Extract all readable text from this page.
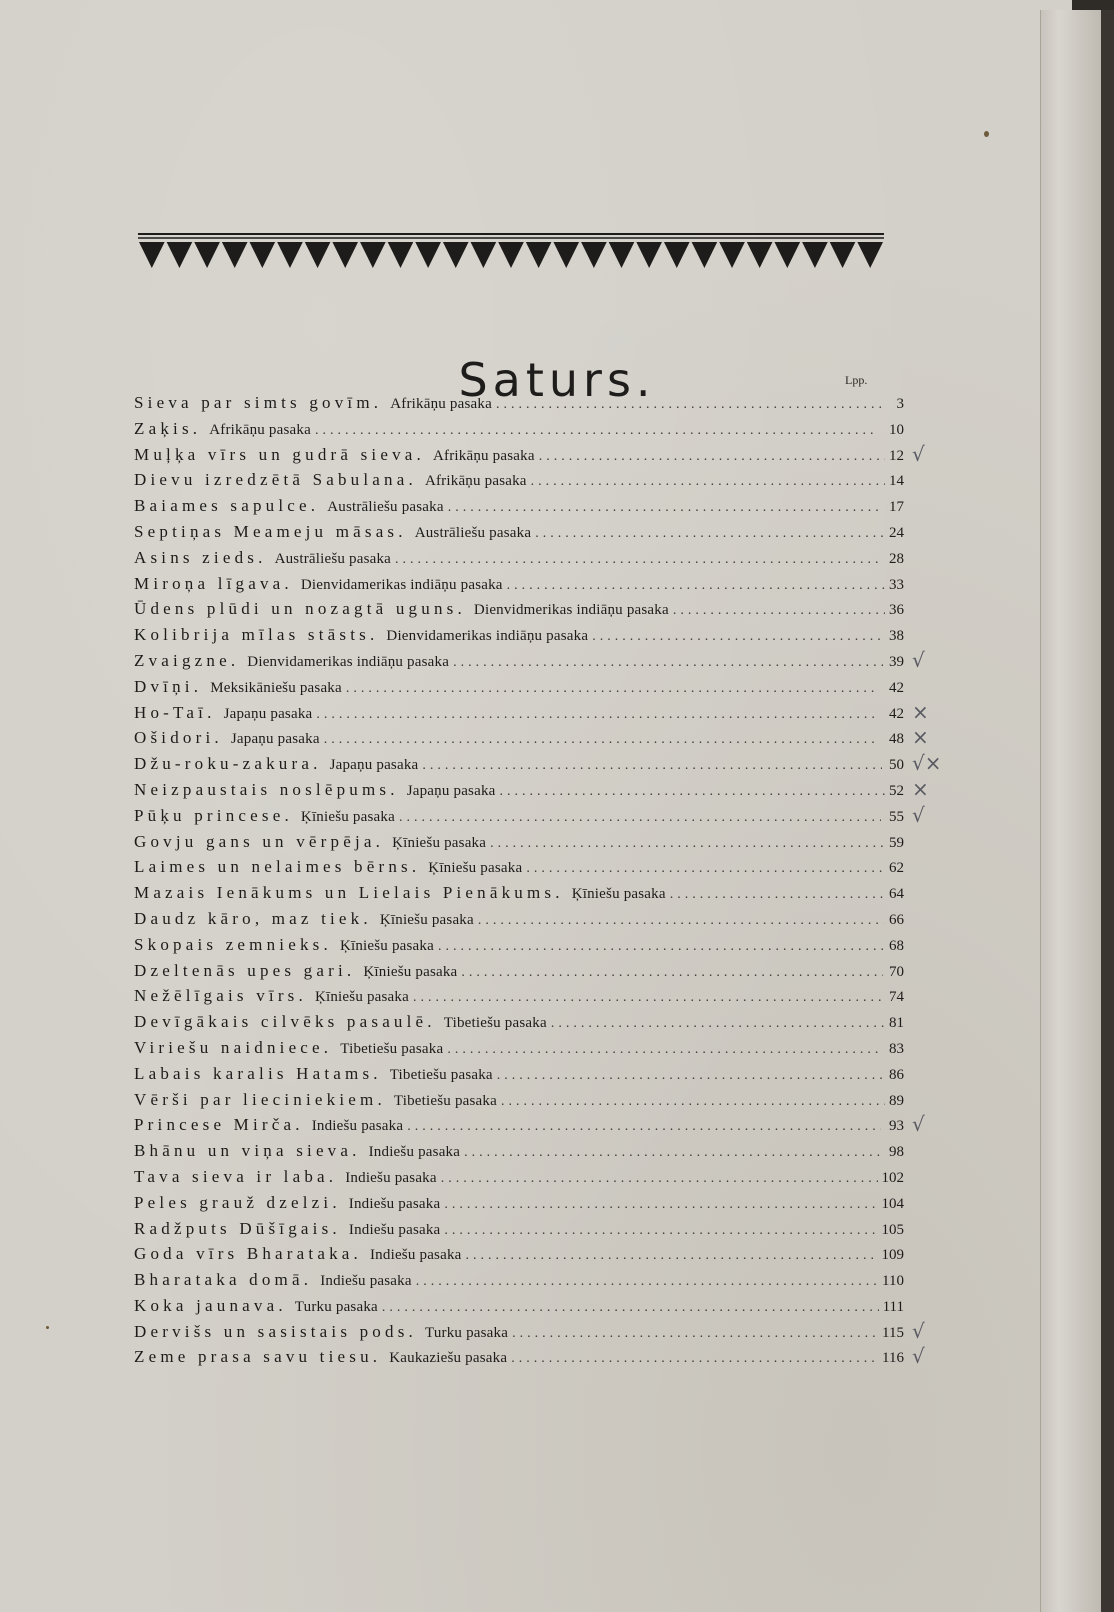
Saturs.	Lpp.
Sieva par simts govīm. Afrikāņu pasaka .....	3
Zaķis. Afrikāņu pasaka .....	10
Muļķa vīrs un gudrā sieva. Afrikāņu pasaka .....	12 √
Dievu izredzētā Sabulana. Afrikāņu pasaka .....	14
Baiames sapulce. Austrāliešu pasaka .....	17
Septiņas Meameju māsas. Austrāliešu pasaka .....	24
Asins zieds. Austrāliešu pasaka .....	28
Miroņa līgava. Dienvidamerikas indiāņu pasaka .....	33
Ūdens plūdi un nozagtā uguns. Dienvidmerikas indiāņu pasaka .....	36
Kolibrija mīlas stāsts. Dienvidamerikas indiāņu pasaka .....	38
Zvaigzne. Dienvidamerikas indiāņu pasaka .....	39 √
Dvīņi. Meksikāniešu pasaka .....	42
Ho-Taī. Japaņu pasaka .....	42 ×
Ošidori. Japaņu pasaka .....	48 ×
Džu-roku-zakura. Japaņu pasaka .....	50 √×
Neizpaustais noslēpums. Japaņu pasaka .....	52 ×
Pūķu princese. Ķīniešu pasaka .....	55 √
Govju gans un vērpēja. Ķīniešu pasaka .....	59
Laimes un nelaimes bērns. Ķīniešu pasaka .....	62
Mazais Ienākums un Lielais Pienākums. Ķīniešu pasaka .....	64
Daudz kāro, maz tiek. Ķīniešu pasaka .....	66
Skopais zemnieks. Ķīniešu pasaka .....	68
Dzeltenās upes gari. Ķīniešu pasaka .....	70
Nežēlīgais vīrs. Ķīniešu pasaka .....	74
Devīgākais cilvēks pasaulē. Tibetiešu pasaka .....	81
Viriešu naidniece. Tibetiešu pasaka .....	83
Labais karalis Hatams. Tibetiešu pasaka .....	86
Vērši par lieciniekiem. Tibetiešu pasaka .....	89
Princese Mirča. Indiešu pasaka .....	93 √
Bhānu un viņa sieva. Indiešu pasaka .....	98
Tava sieva ir laba. Indiešu pasaka .....	102
Peles grauž dzelzi. Indiešu pasaka .....	104
Radžputs Dūšīgais. Indiešu pasaka .....	105
Goda vīrs Bharataka. Indiešu pasaka .....	109
Bharataka domā. Indiešu pasaka .....	110
Koka jaunava. Turku pasaka .....	111
Dervišs un sasistais pods. Turku pasaka .....	115 √
Zeme prasa savu tiesu. Kaukaziešu pasaka .....	116 √
